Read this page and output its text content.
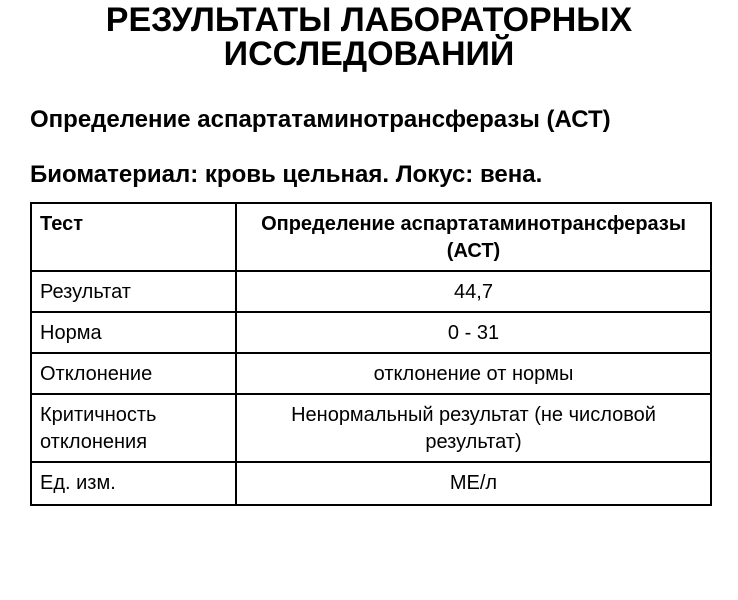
РЕЗУЛЬТАТЫ ЛАБОРАТОРНЫХ ИССЛЕДОВАНИЙ
Определение аспартатаминотрансферазы (АСТ)
Биоматериал: кровь цельная. Локус: вена.
Тест	Определение аспартатаминотрансферазы (АСТ)
Результат	44,7
Норма	0 - 31
Отклонение	отклонение от нормы
Критичность отклонения	Ненормальный результат (не числовой результат)
Ед. изм.	МЕ/л
